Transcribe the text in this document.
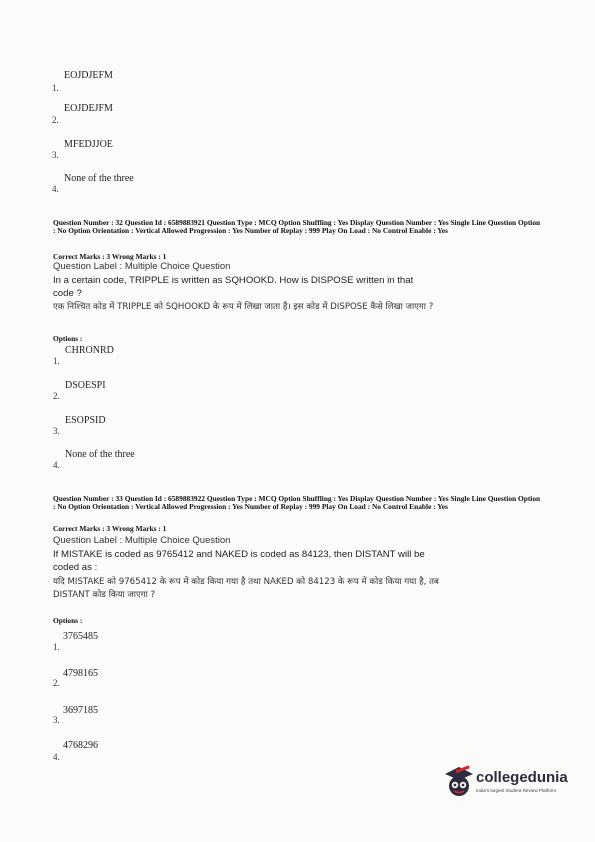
1.
EOJDJEFM
2.
EOJDEJFM
3.
MFEDJJOE
4.
None of the three
Question Number : 32 Question Id : 6589883921 Question Type : MCQ Option Shuffling : Yes Display Question Number : Yes Single Line Question Option : No Option Orientation : Vertical Allowed Progression : Yes Number of Replay : 999 Play On Load : No Control Enable : Yes
Correct Marks : 3 Wrong Marks : 1
Question Label : Multiple Choice Question
In a certain code, TRIPPLE is written as SQHOOKD. How is DISPOSE written in that code ?
एक निश्चित कोड में TRIPPLE को SQHOOKD के रूप में लिखा जाता है। इस कोड में DISPOSE कैसे लिखा जाएगा ?
Options :
1.
CHRONRD
2.
DSOESPI
3.
ESOPSID
4.
None of the three
Question Number : 33 Question Id : 6589883922 Question Type : MCQ Option Shuffling : Yes Display Question Number : Yes Single Line Question Option : No Option Orientation : Vertical Allowed Progression : Yes Number of Replay : 999 Play On Load : No Control Enable : Yes
Correct Marks : 3 Wrong Marks : 1
Question Label : Multiple Choice Question
If MISTAKE is coded as 9765412 and NAKED is coded as 84123, then DISTANT will be coded as :
यदि MISTAKE को 9765412 के रूप में कोड किया गया है तथा NAKED को 84123 के रूप में कोड किया गया है, तब DISTANT कोड किया जाएगा ?
Options :
1.
3765485
2.
4798165
3.
3697185
4.
4768296
collegedunia
India's largest Student Review Platform
